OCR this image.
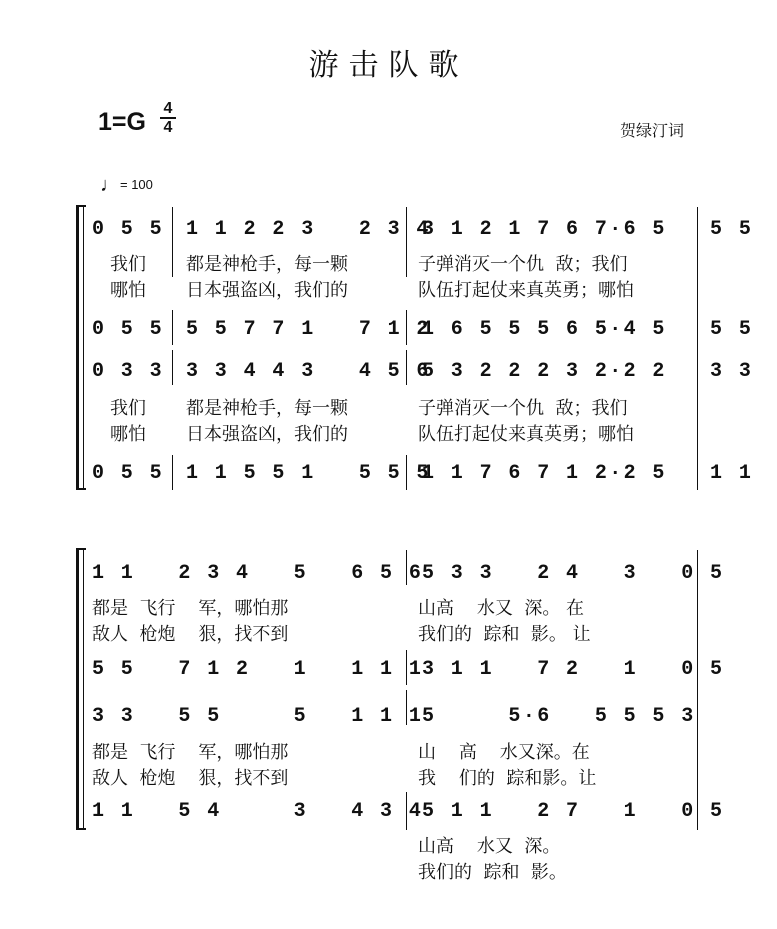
游击队歌
1=G 4
4	贺绿汀词
♩= 100
0 5 5 1 1 2 2 3   2 3 4
3 1 2 1 7 6 7·6 5   5 5
我们 都是神枪手，每一颗	子弹消灭一个仇  敌；我们
哪怕 日本强盗凶，我们的	队伍打起仗来真英勇；哪怕
0 5 5 5 5 7 7 1   7 1 2
1 6 5 5 5 6 5·4 5   5 5
0 3 3 3 3 4 4 3   4 5 6
5 3 2 2 2 3 2·2 2   3 3
我们 都是神枪手，每一颗	子弹消灭一个仇  敌；我们
哪怕 日本强盗凶，我们的	队伍打起仗来真英勇；哪怕
0 5 5 1 1 5 5 1   5 5 5
1 1 7 6 7 1 2·2 5   1 1
1 1   2 3 4   5   6 5 6
5 3 3   2 4   3   0 5
都是  飞行    军，哪怕那	山高    水又  深。 在
敌人  枪炮    狠，找不到	我们的  踪和  影。 让
5 5   7 1 2   1   1 1 1
3 1 1   7 2   1   0 5
3 3   5 5     5   1 1 1
5     5·6   5 5 5 3
都是  飞行    军，哪怕那	山    高    水又深。在
敌人  枪炮    狠，找不到	我    们的  踪和影。让
1 1   5 4     3   4 3 4
5 1 1   2 7   1   0 5
山高    水又  深。
我们的  踪和  影。
